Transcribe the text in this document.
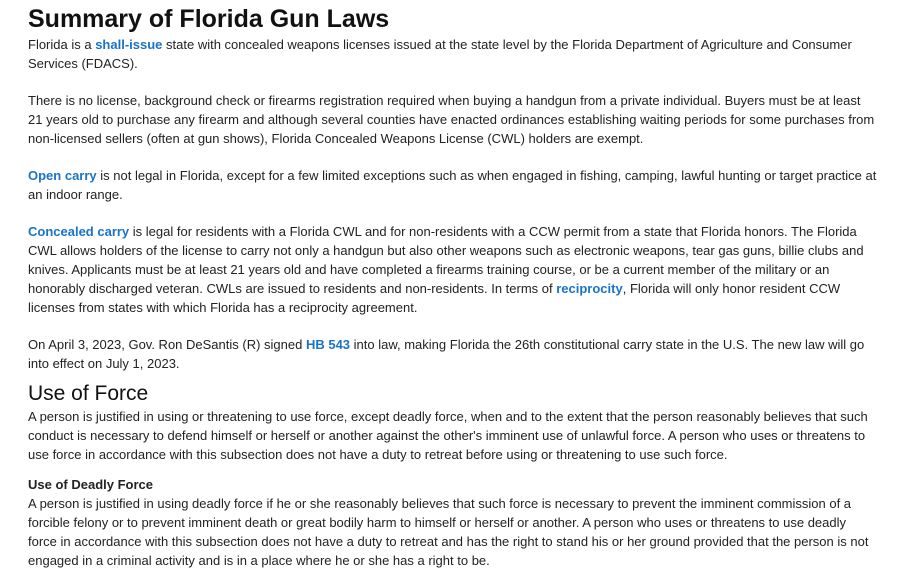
Summary of Florida Gun Laws

Florida is a shall-issue state with concealed weapons licenses issued at the state level by the Florida Department of Agriculture and Consumer Services (FDACS).

There is no license, background check or firearms registration required when buying a handgun from a private individual. Buyers must be at least 21 years old to purchase any firearm and although several counties have enacted ordinances establishing waiting periods for some purchases from non-licensed sellers (often at gun shows), Florida Concealed Weapons License (CWL) holders are exempt.

Open carry is not legal in Florida, except for a few limited exceptions such as when engaged in fishing, camping, lawful hunting or target practice at an indoor range.

Concealed carry is legal for residents with a Florida CWL and for non-residents with a CCW permit from a state that Florida honors. The Florida CWL allows holders of the license to carry not only a handgun but also other weapons such as electronic weapons, tear gas guns, billie clubs and knives. Applicants must be at least 21 years old and have completed a firearms training course, or be a current member of the military or an honorably discharged veteran. CWLs are issued to residents and non-residents. In terms of reciprocity, Florida will only honor resident CCW licenses from states with which Florida has a reciprocity agreement.

On April 3, 2023, Gov. Ron DeSantis (R) signed HB 543 into law, making Florida the 26th constitutional carry state in the U.S. The new law will go into effect on July 1, 2023.

Use of Force

A person is justified in using or threatening to use force, except deadly force, when and to the extent that the person reasonably believes that such conduct is necessary to defend himself or herself or another against the other's imminent use of unlawful force. A person who uses or threatens to use force in accordance with this subsection does not have a duty to retreat before using or threatening to use such force.

Use of Deadly Force

A person is justified in using deadly force if he or she reasonably believes that such force is necessary to prevent the imminent commission of a forcible felony or to prevent imminent death or great bodily harm to himself or herself or another. A person who uses or threatens to use deadly force in accordance with this subsection does not have a duty to retreat and has the right to stand his or her ground provided that the person is not engaged in a criminal activity and is in a place where he or she has a right to be.
